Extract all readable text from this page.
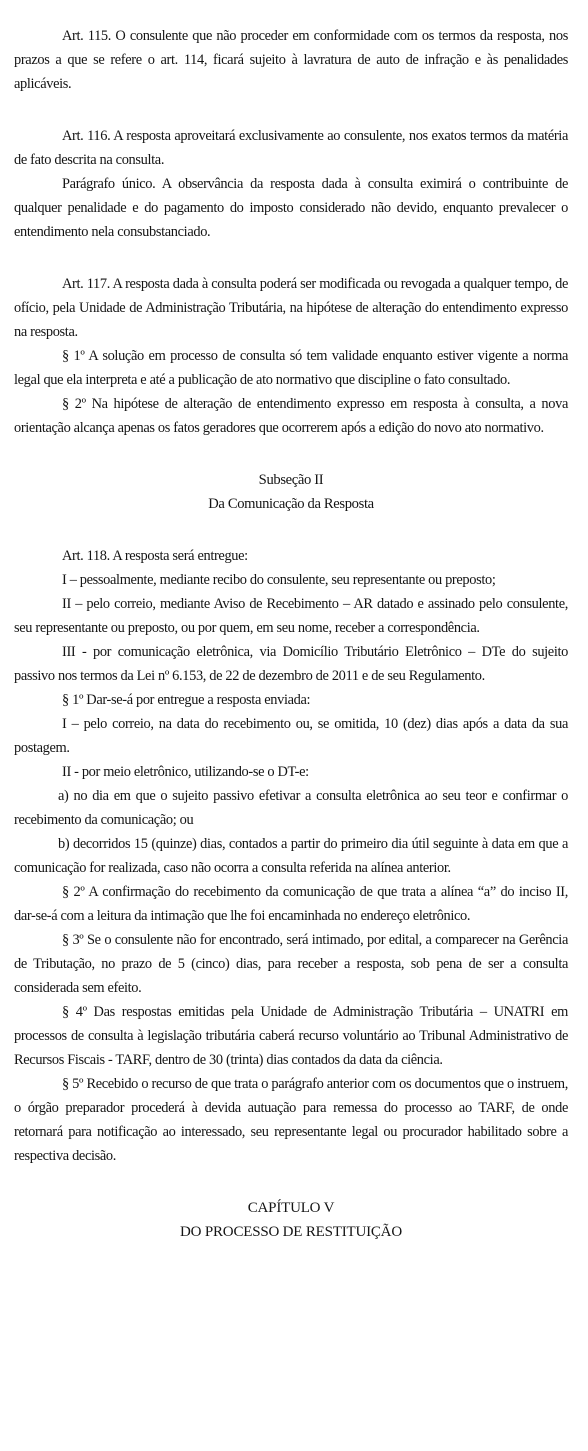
Art. 115. O consulente que não proceder em conformidade com os termos da resposta, nos prazos a que se refere o art. 114, ficará sujeito à lavratura de auto de infração e às penalidades aplicáveis.

Art. 116. A resposta aproveitará exclusivamente ao consulente, nos exatos termos da matéria de fato descrita na consulta.

Parágrafo único. A observância da resposta dada à consulta eximirá o contribuinte de qualquer penalidade e do pagamento do imposto considerado não devido, enquanto prevalecer o entendimento nela consubstanciado.

Art. 117. A resposta dada à consulta poderá ser modificada ou revogada a qualquer tempo, de ofício, pela Unidade de Administração Tributária, na hipótese de alteração do entendimento expresso na resposta.

§ 1º A solução em processo de consulta só tem validade enquanto estiver vigente a norma legal que ela interpreta e até a publicação de ato normativo que discipline o fato consultado.

§ 2º Na hipótese de alteração de entendimento expresso em resposta à consulta, a nova orientação alcança apenas os fatos geradores que ocorrerem após a edição do novo ato normativo.

Subseção II

Da Comunicação da Resposta

Art. 118. A resposta será entregue:

I – pessoalmente, mediante recibo do consulente, seu representante ou preposto;

II – pelo correio, mediante Aviso de Recebimento – AR datado e assinado pelo consulente, seu representante ou preposto, ou por quem, em seu nome, receber a correspondência.

III - por comunicação eletrônica, via Domicílio Tributário Eletrônico – DTe do sujeito passivo nos termos da Lei nº 6.153, de 22 de dezembro de 2011 e de seu Regulamento.

§ 1º Dar-se-á por entregue a resposta enviada:

I – pelo correio, na data do recebimento ou, se omitida, 10 (dez) dias após a data da sua postagem.

II - por meio eletrônico, utilizando-se o DT-e:

a) no dia em que o sujeito passivo efetivar a consulta eletrônica ao seu teor e confirmar o recebimento da comunicação; ou

b) decorridos 15 (quinze) dias, contados a partir do primeiro dia útil seguinte à data em que a comunicação for realizada, caso não ocorra a consulta referida na alínea anterior.

§ 2º A confirmação do recebimento da comunicação de que trata a alínea “a” do inciso II, dar-se-á com a leitura da intimação que lhe foi encaminhada no endereço eletrônico.

§ 3º Se o consulente não for encontrado, será intimado, por edital, a comparecer na Gerência de Tributação, no prazo de 5 (cinco) dias, para receber a resposta, sob pena de ser a consulta considerada sem efeito.

§ 4º Das respostas emitidas pela Unidade de Administração Tributária – UNATRI em processos de consulta à legislação tributária caberá recurso voluntário ao Tribunal Administrativo de Recursos Fiscais - TARF, dentro de 30 (trinta) dias contados da data da ciência.

§ 5º Recebido o recurso de que trata o parágrafo anterior com os documentos que o instruem, o órgão preparador procederá à devida autuação para remessa do processo ao TARF, de onde retornará para notificação ao interessado, seu representante legal ou procurador habilitado sobre a respectiva decisão.

CAPÍTULO V

DO PROCESSO DE RESTITUIÇÃO
